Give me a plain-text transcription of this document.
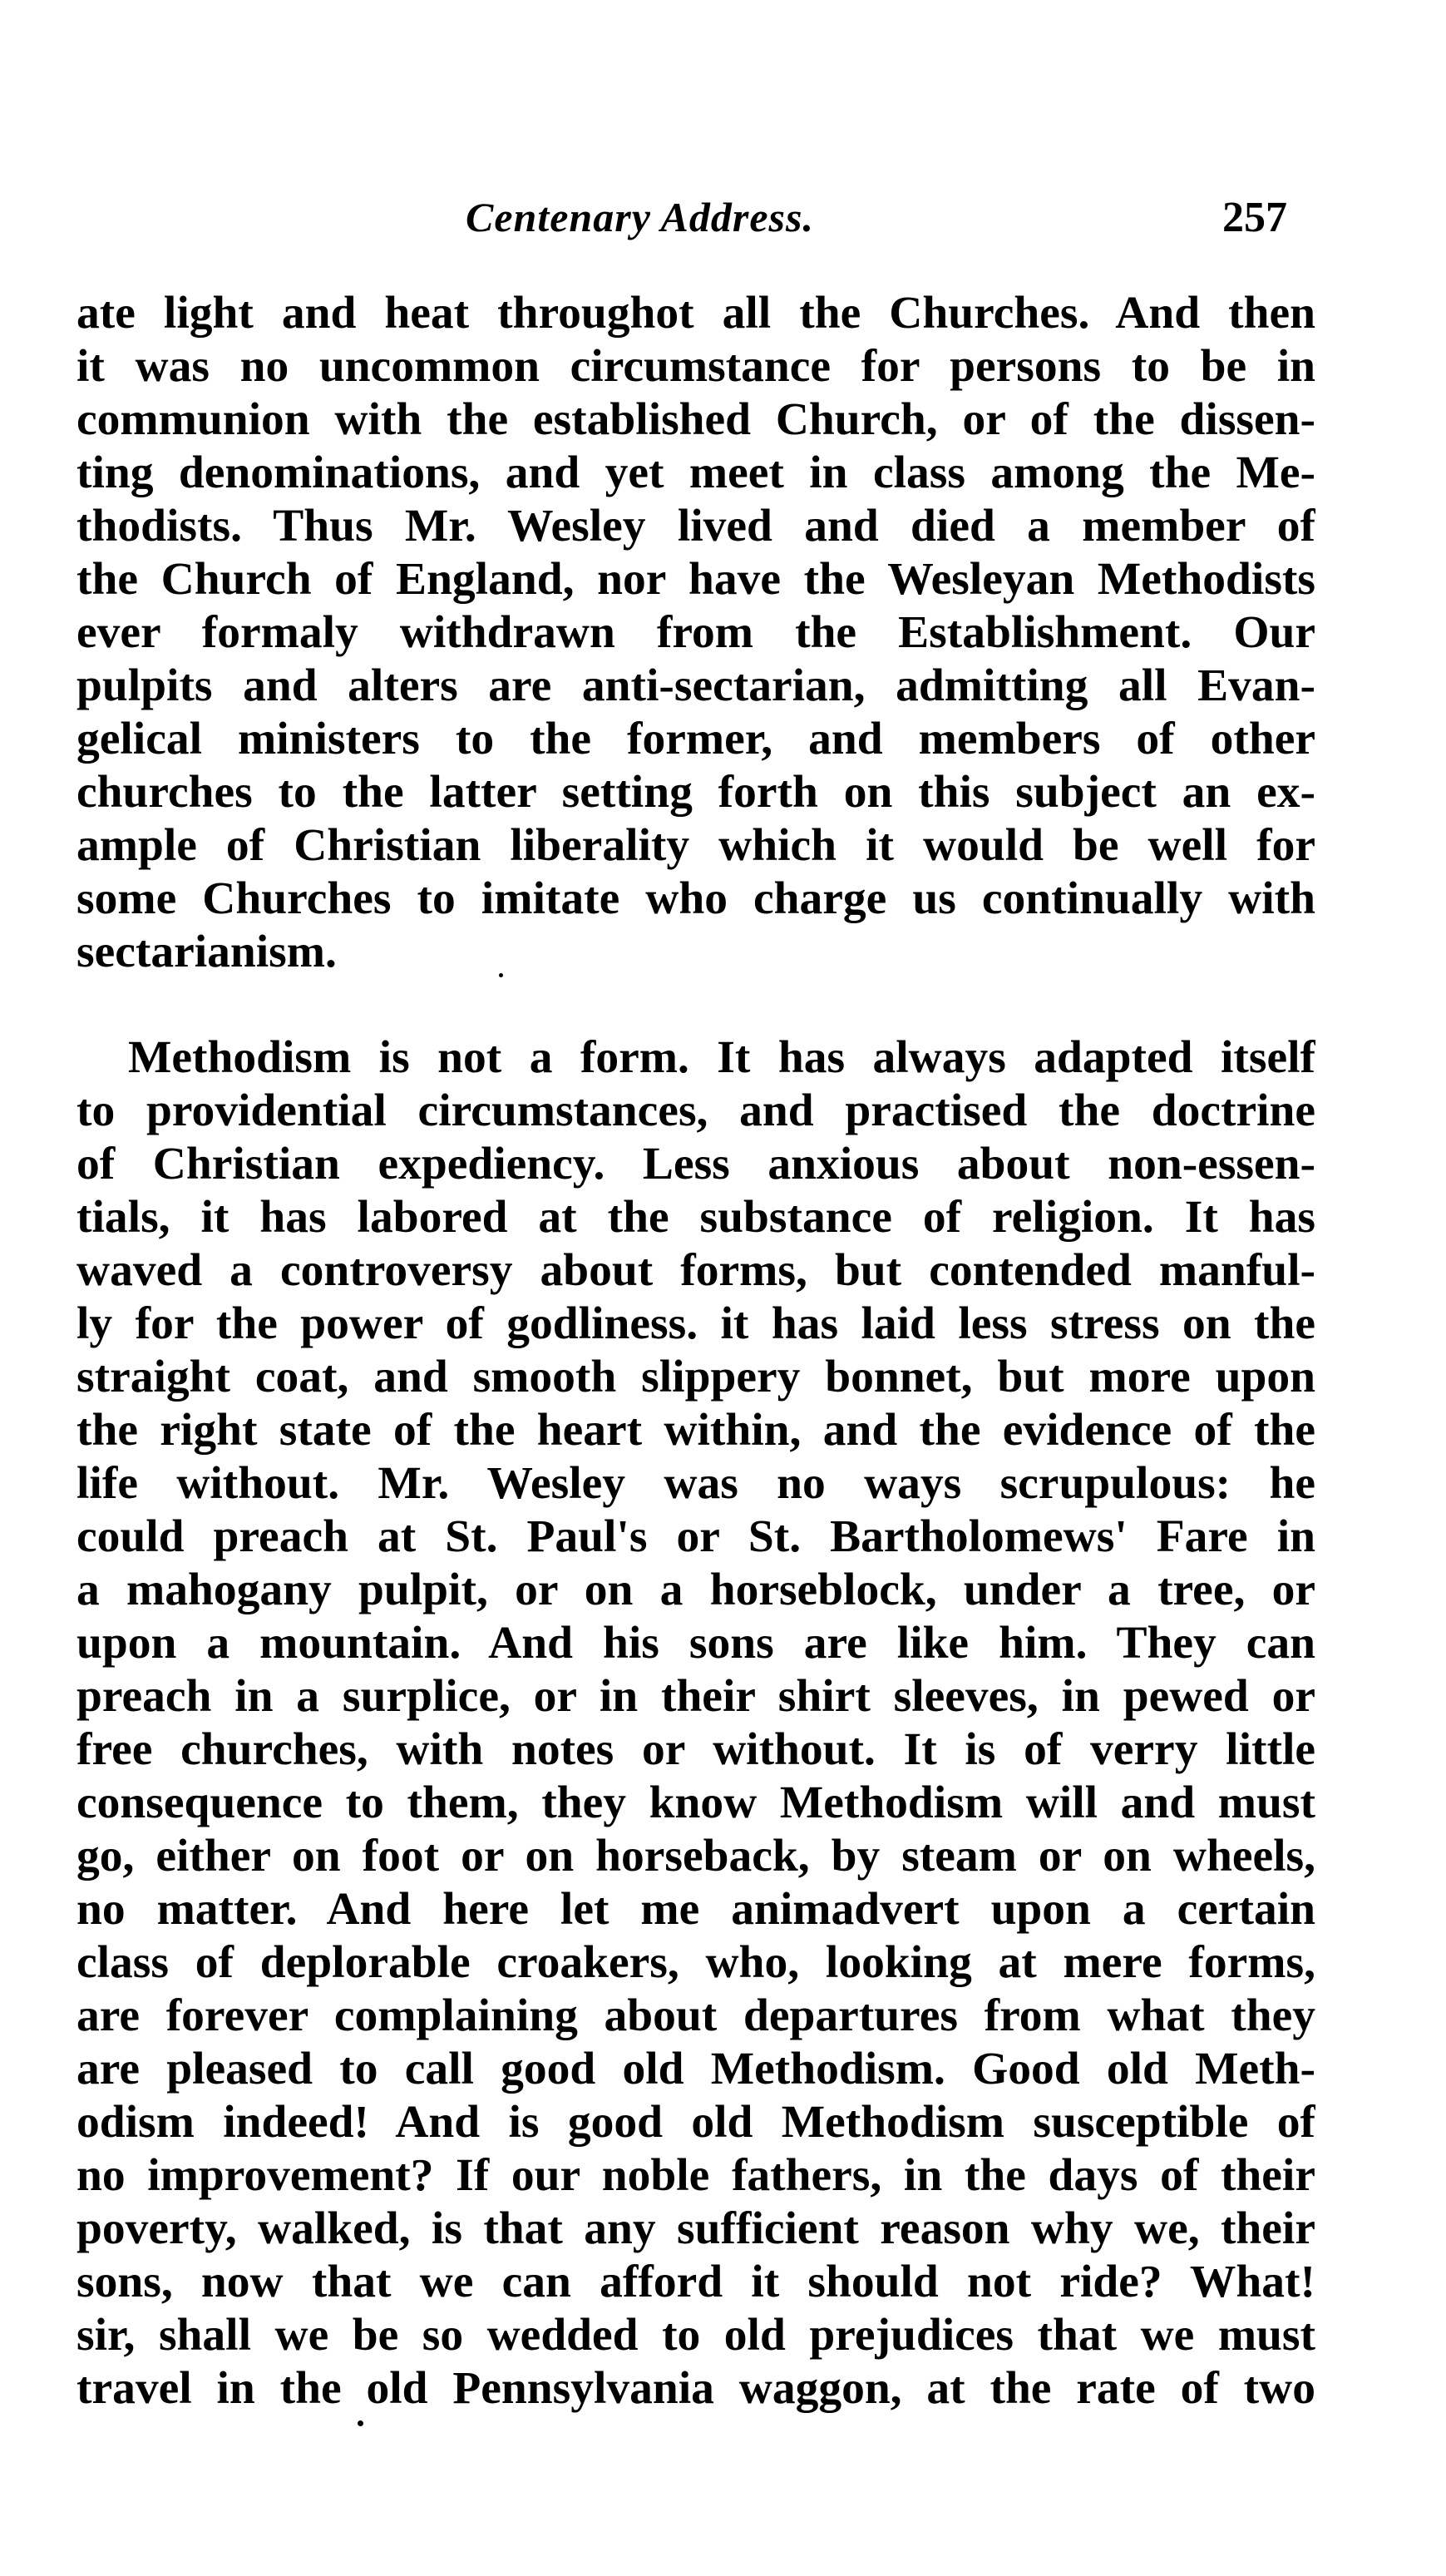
Centenary Address.	257
ate light and heat throughot all the Churches. And then
it was no uncommon circumstance for persons to be in
communion with the established Church, or of the dissen-
ting denominations, and yet meet in class among the Me-
thodists. Thus Mr. Wesley lived and died a member of
the Church of England, nor have the Wesleyan Methodists
ever formaly withdrawn from the Establishment. Our
pulpits and alters are anti-sectarian, admitting all Evan-
gelical ministers to the former, and members of other
churches to the latter setting forth on this subject an ex-
ample of Christian liberality which it would be well for
some Churches to imitate who charge us continually with
sectarianism.
Methodism is not a form. It has always adapted itself
to providential circumstances, and practised the doctrine
of Christian expediency. Less anxious about non-essen-
tials, it has labored at the substance of religion. It has
waved a controversy about forms, but contended manful-
ly for the power of godliness. it has laid less stress on the
straight coat, and smooth slippery bonnet, but more upon
the right state of the heart within, and the evidence of the
life without. Mr. Wesley was no ways scrupulous: he
could preach at St. Paul's or St. Bartholomews' Fare in
a mahogany pulpit, or on a horseblock, under a tree, or
upon a mountain. And his sons are like him. They can
preach in a surplice, or in their shirt sleeves, in pewed or
free churches, with notes or without. It is of verry little
consequence to them, they know Methodism will and must
go, either on foot or on horseback, by steam or on wheels,
no matter. And here let me animadvert upon a certain
class of deplorable croakers, who, looking at mere forms,
are forever complaining about departures from what they
are pleased to call good old Methodism. Good old Meth-
odism indeed! And is good old Methodism susceptible of
no improvement? If our noble fathers, in the days of their
poverty, walked, is that any sufficient reason why we, their
sons, now that we can afford it should not ride? What!
sir, shall we be so wedded to old prejudices that we must
travel in the old Pennsylvania waggon, at the rate of two
